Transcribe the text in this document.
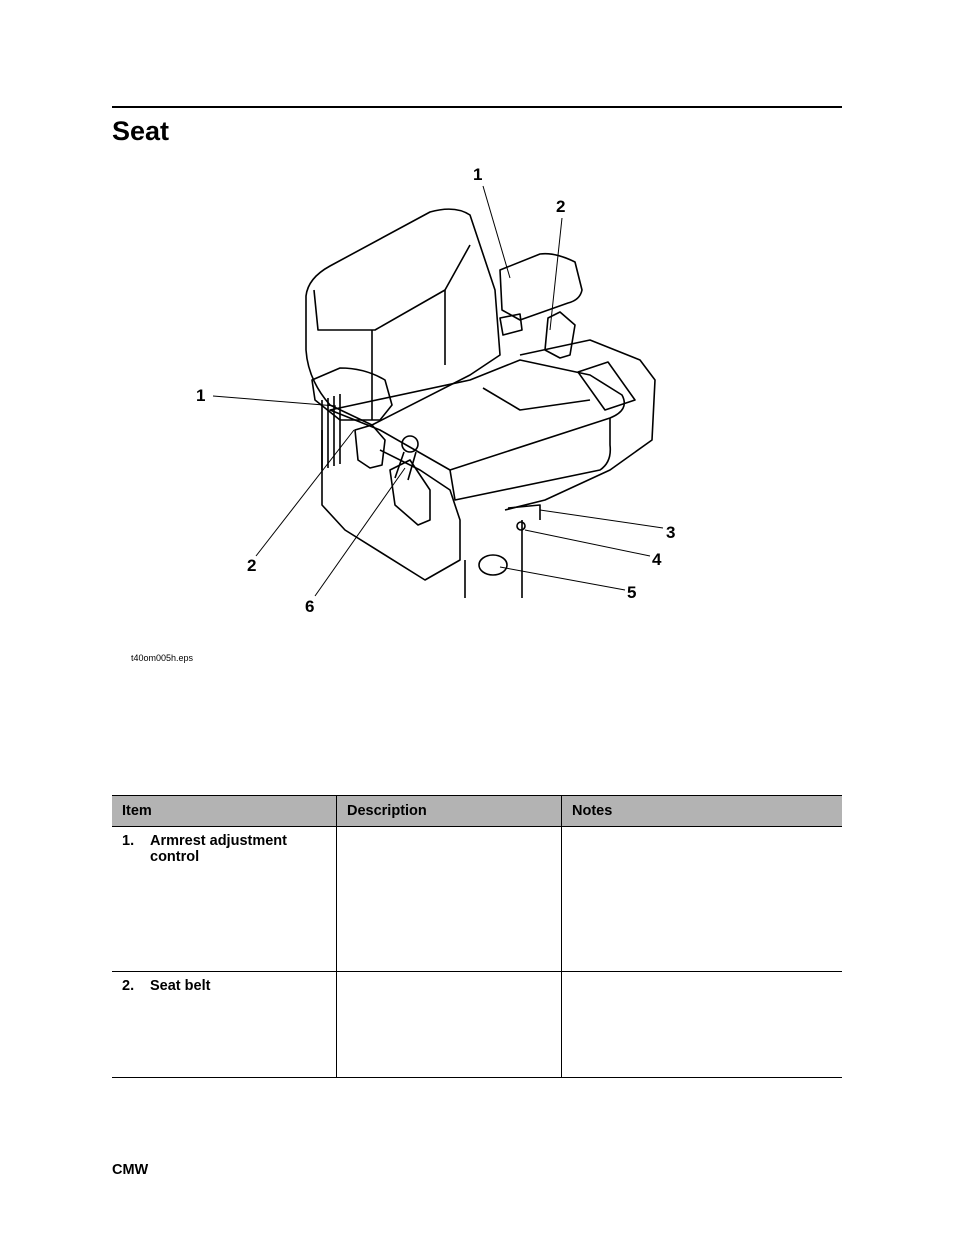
Seat
1
2
1
2
6
3
4
5
t40om005h.eps
Item	Description	Notes

1. Armrest adjustment control		

2. Seat belt		

CMW
